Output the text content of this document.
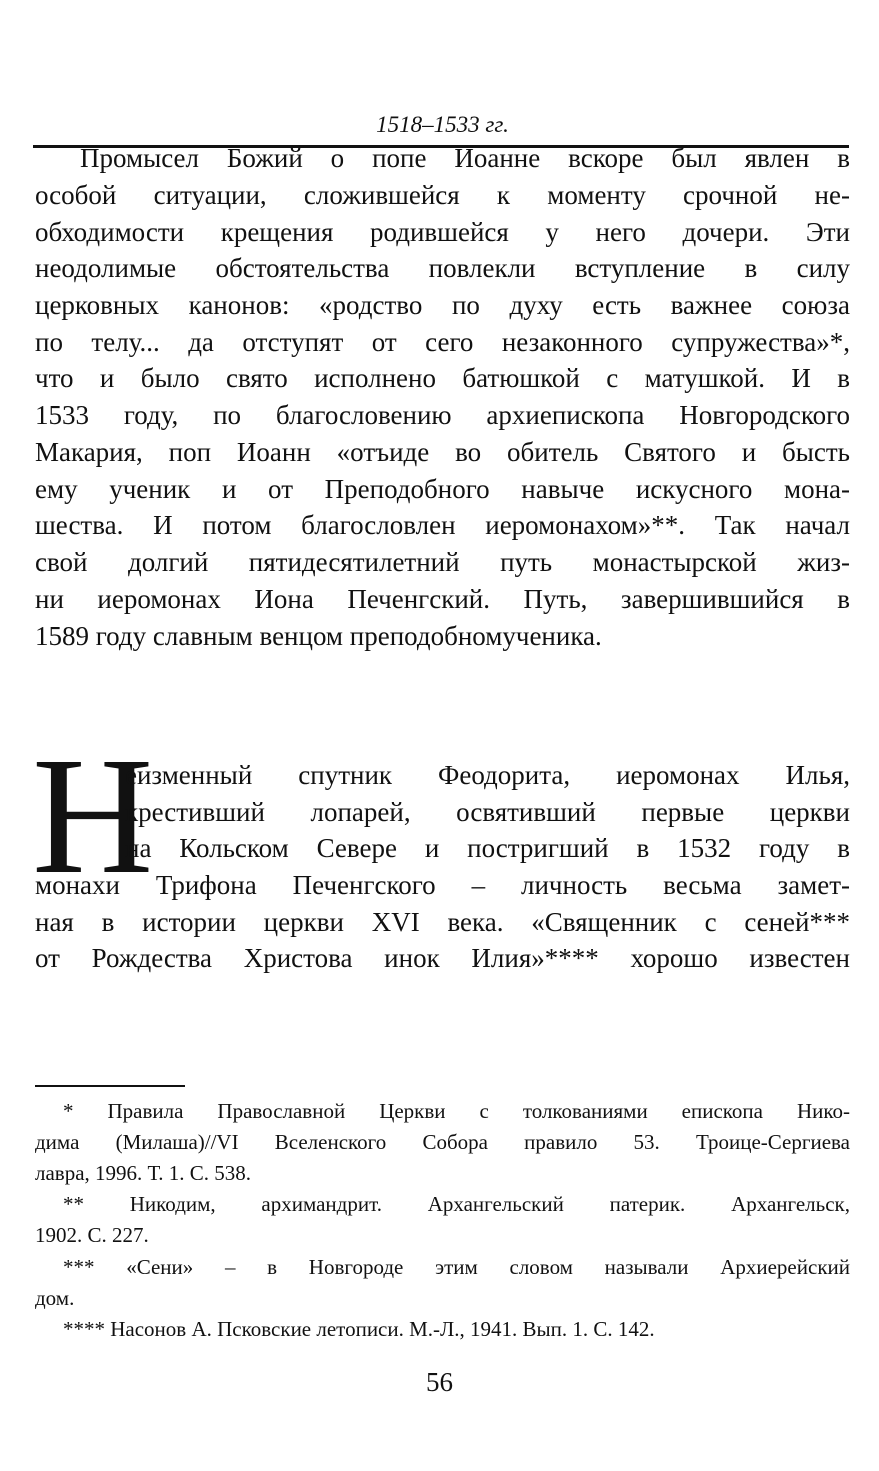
1518–1533 гг.
Промысел Божий о попе Иоанне вскоре был явлен в
особой ситуации, сложившейся к моменту срочной не-
обходимости крещения родившейся у него дочери. Эти
неодолимые обстоятельства повлекли вступление в силу
церковных канонов: «родство по духу есть важнее союза
по телу... да отступят от сего незаконного супружества»*,
что и было свято исполнено батюшкой с матушкой. И в
1533 году, по благословению архиепископа Новгородского
Макария, поп Иоанн «отъиде во обитель Святого и бысть
ему ученик и от Преподобного навыче искусного мона-
шества. И потом благословлен иеромонахом»**. Так начал
свой долгий пятидесятилетний путь монастырской жиз-
ни иеромонах Иона Печенгский. Путь, завершившийся в
1589 году славным венцом преподобномученика.
Н
еизменный спутник Феодорита, иеромонах Илья,
крестивший лопарей, освятивший первые церкви
на Кольском Севере и постригший в 1532 году в
монахи Трифона Печенгского – личность весьма замет-
ная в истории церкви XVI века. «Священник с сеней***
от Рождества Христова инок Илия»**** хорошо известен
* Правила Православной Церкви с толкованиями епископа Нико-
дима (Милаша)//VI Вселенского Собора правило 53. Троице-Сергиева
лавра, 1996. Т. 1. С. 538.
** Никодим, архимандрит. Архангельский патерик. Архангельск,
1902. С. 227.
*** «Сени» – в Новгороде этим словом называли Архиерейский
дом.
**** Насонов А. Псковские летописи. М.-Л., 1941. Вып. 1. С. 142.
56
